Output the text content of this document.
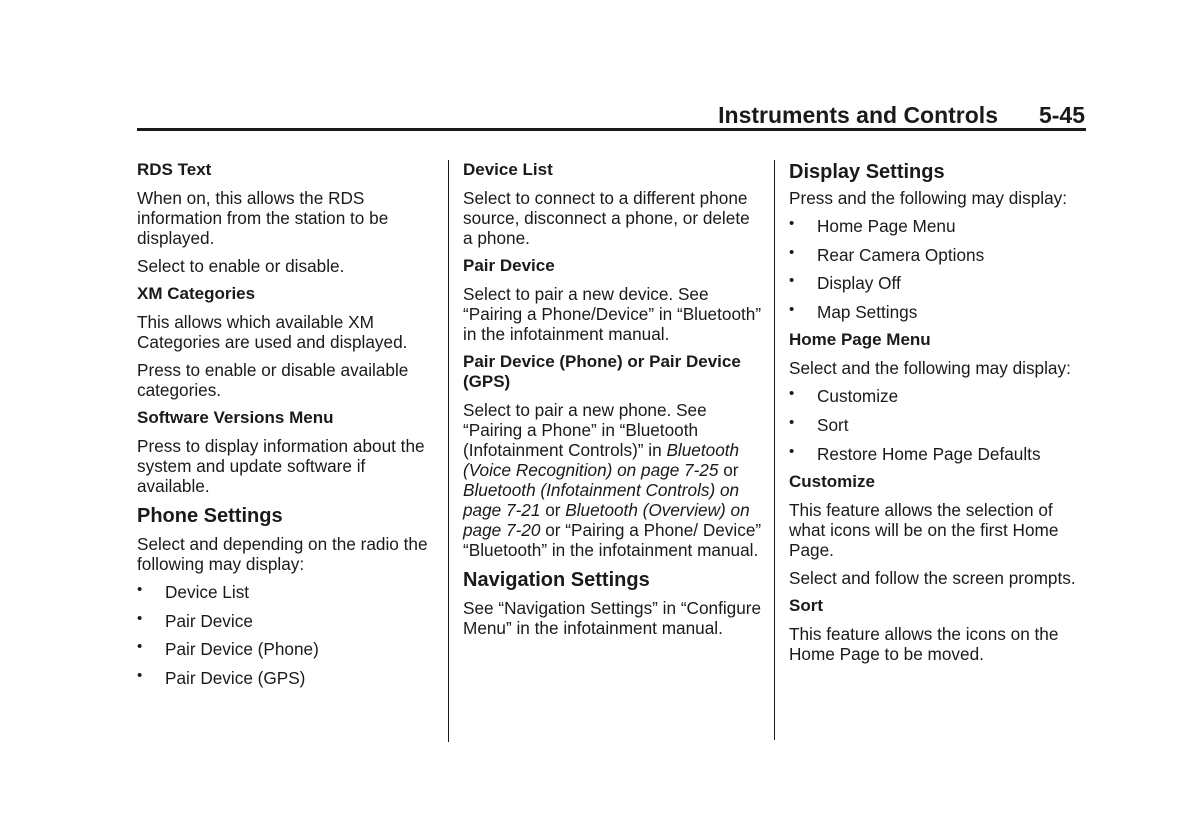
Instruments and Controls 5-45
RDS Text

When on, this allows the RDS information from the station to be displayed.

Select to enable or disable.

XM Categories

This allows which available XM Categories are used and displayed.

Press to enable or disable available categories.

Software Versions Menu

Press to display information about the system and update software if available.

Phone Settings

Select and depending on the radio the following may display:

• Device List
• Pair Device
• Pair Device (Phone)
• Pair Device (GPS)
Device List

Select to connect to a different phone source, disconnect a phone, or delete a phone.

Pair Device

Select to pair a new device. See “Pairing a Phone/Device” in “Bluetooth” in the infotainment manual.

Pair Device (Phone) or Pair Device (GPS)

Select to pair a new phone. See “Pairing a Phone” in “Bluetooth (Infotainment Controls)” in Bluetooth (Voice Recognition) on page 7-25 or Bluetooth (Infotainment Controls) on page 7-21 or Bluetooth (Overview) on page 7-20 or “Pairing a Phone/ Device” “Bluetooth” in the infotainment manual.

Navigation Settings

See “Navigation Settings” in “Configure Menu” in the infotainment manual.

Display Settings

Press and the following may display:

• Home Page Menu
• Rear Camera Options
• Display Off
• Map Settings
Home Page Menu

Select and the following may display:

• Customize
• Sort
• Restore Home Page Defaults
Customize

This feature allows the selection of what icons will be on the first Home Page.

Select and follow the screen prompts.

Sort

This feature allows the icons on the Home Page to be moved.
